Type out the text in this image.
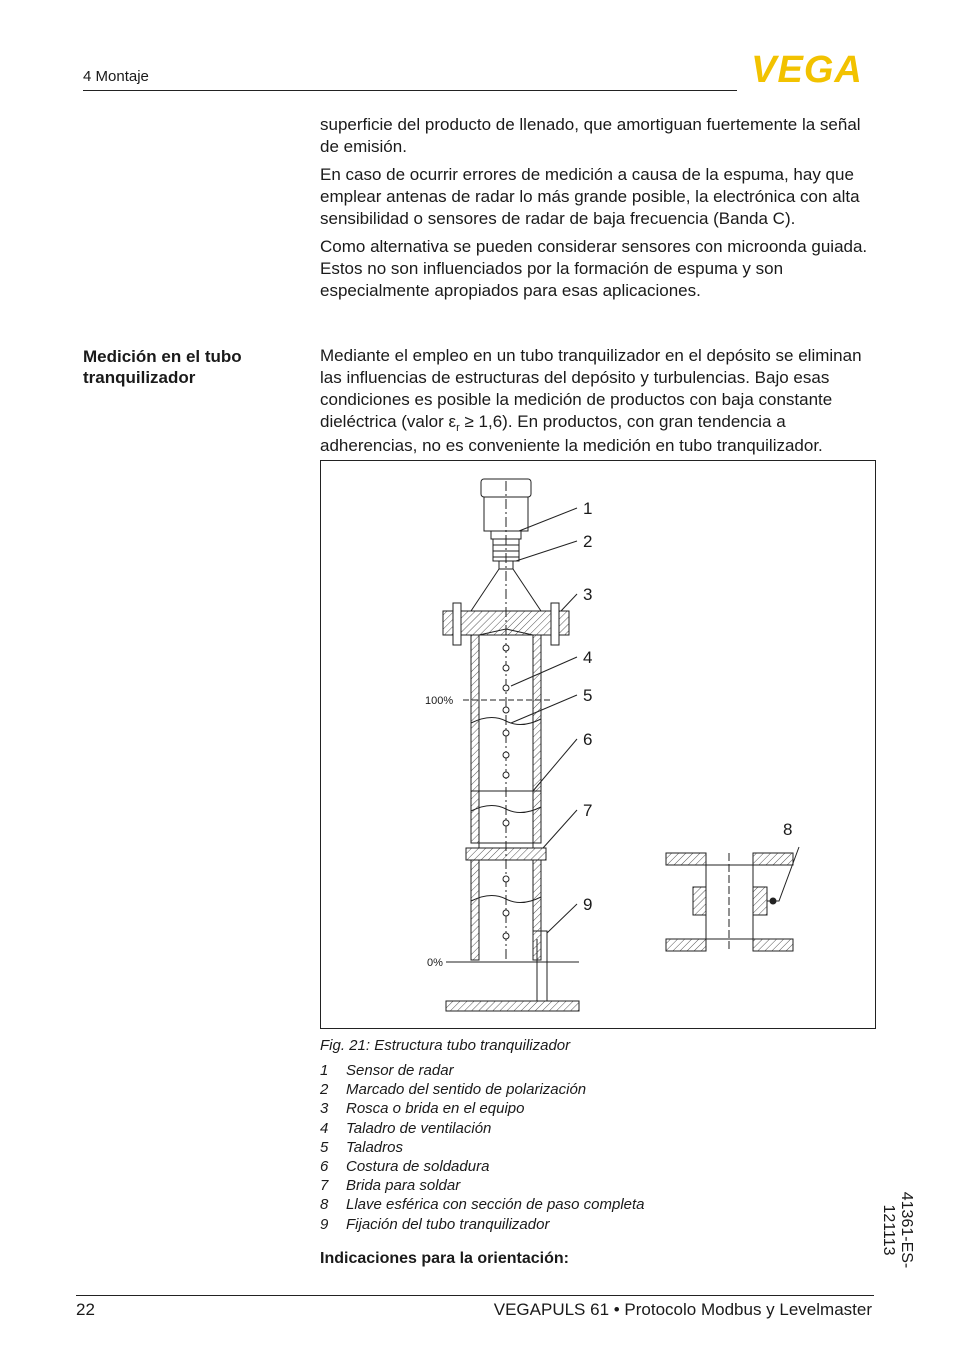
4 Montaje	VEGA

superficie del producto de llenado, que amortiguan fuertemente la señal de emisión.

En caso de ocurrir errores de medición a causa de la espuma, hay que emplear antenas de radar lo más grande posible, la electrónica con alta sensibilidad o sensores de radar de baja frecuencia (Banda C).

Como alternativa se pueden considerar sensores con microonda guiada. Estos no son influenciados por la formación de espuma y son especialmente apropiados para esas aplicaciones.

Medición en el tubo tranquilizador

Mediante el empleo en un tubo tranquilizador en el depósito se eliminan las influencias de estructuras del depósito y turbulencias. Bajo esas condiciones es posible la medición de productos con baja constante dieléctrica (valor $\varepsilon_r \ge 1,6$). En productos, con gran tendencia a adherencias, no es conveniente la medición en tubo tranquilizador.

1
2
3
4
5
6
7
8
9
100%
0%
Fig. 21: Estructura tubo tranquilizador
1 Sensor de radar
2 Marcado del sentido de polarización
3 Rosca o brida en el equipo
4 Taladro de ventilación
5 Taladros
6 Costura de soldadura
7 Brida para soldar
8 Llave esférica con sección de paso completa
9 Fijación del tubo tranquilizador
Indicaciones para la orientación:	41361-ES-121113
22	VEGAPULS 61 • Protocolo Modbus y Levelmaster
